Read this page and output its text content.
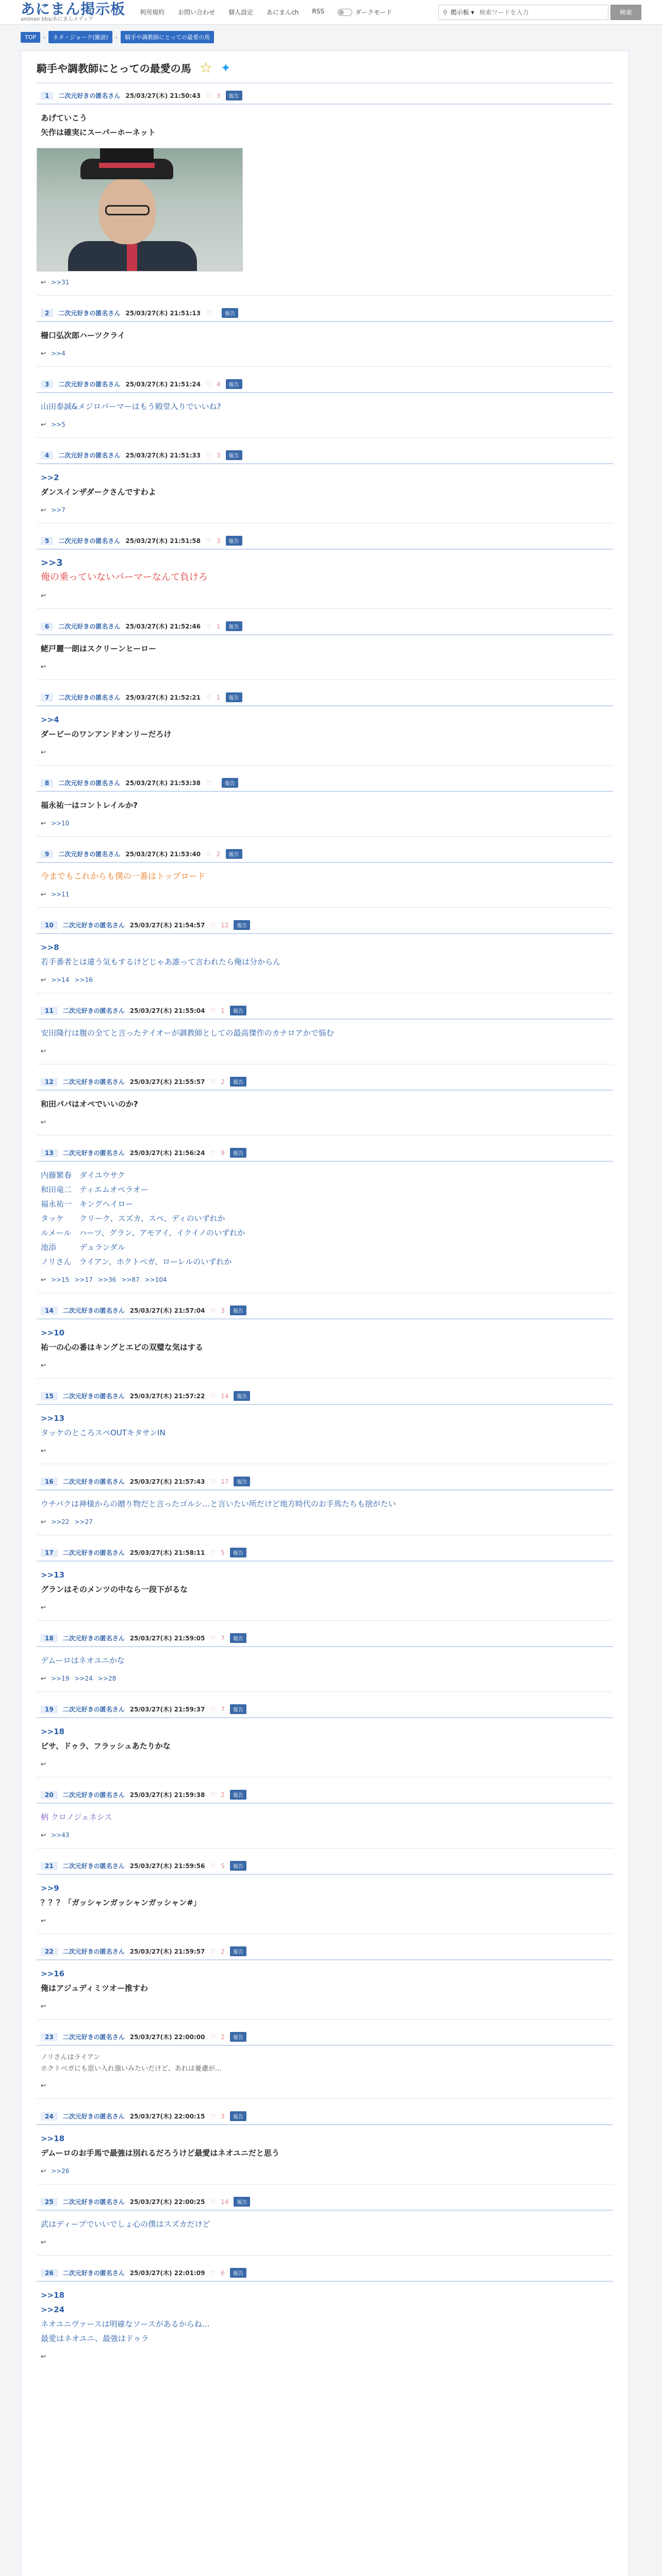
あにまん掲示板
animan bbs/あにまんメディア
利用規約 お問い合わせ 個人設定 あにまんch RSS	ダークモード	⚲ 掲示板 ▾
検索ワードを入力	検索
TOP	›	ネタ・ジョーク(雑談)	›	騎手や調教師にとっての最愛の馬
騎手や調教師にとっての最愛の馬 ☆ ✦
1	二次元好きの匿名さん 25/03/27(木) 21:50:43 ♡ 3	報告
あげていこう
矢作は確実にスーパーホーネット
↩ >>31
2	二次元好きの匿名さん 25/03/27(木) 21:51:13 ♡	報告
柵口弘次郎ハーツクライ
↩ >>4
3	二次元好きの匿名さん 25/03/27(木) 21:51:24 ♡ 4	報告
山田泰誠&メジロパーマーはもう殿堂入りでいいね?
↩ >>5
4	二次元好きの匿名さん 25/03/27(木) 21:51:33 ♡ 3	報告
>>2
ダンスインザダークさんですわよ
↩ >>7
5	二次元好きの匿名さん 25/03/27(木) 21:51:58 ♡ 3	報告
>>3
俺の乗っていないパーマーなんて負けろ
↩
6	二次元好きの匿名さん 25/03/27(木) 21:52:46 ♡ 1	報告
蛯戸麗一朗はスクリーンヒーロー
↩
7	二次元好きの匿名さん 25/03/27(木) 21:52:21 ♡ 1	報告
>>4
ダービーのワンアンドオンリーだろけ
↩
8	二次元好きの匿名さん 25/03/27(木) 21:53:38 ♡	報告
福永祐一はコントレイルか?
↩ >>10
9	二次元好きの匿名さん 25/03/27(木) 21:53:40 ♡ 2	報告
今までもこれからも僕の一番はトップロード
↩ >>11
10	二次元好きの匿名さん 25/03/27(木) 21:54:57 ♡ 12	報告
>>8
若手番者とは違う気もするけどじゃあ誰って言われたら俺は分からん
↩ >>14 >>16
11	二次元好きの匿名さん 25/03/27(木) 21:55:04 ♡ 1	報告
安田隆行は腹の全てと言ったテイオーが調教師としての最高傑作のカナロアかで悩む
↩
12	二次元好きの匿名さん 25/03/27(木) 21:55:57 ♡ 2	報告
和田パパはオペでいいのか?
↩
13	二次元好きの匿名さん 25/03/27(木) 21:56:24 ♡ 9	報告
内藤繁春　ダイユウサク
和田竜二　ティエムオペラオー
福永祐一　キングヘイロー
タッケ　　クリーク、スズカ、スペ、ディのいずれか
ルメール　ハーツ、グラン、アモアイ、イクイノのいずれか
池添　　　デュランダル
ノリさん　ライアン、ホクトベガ、ローレルのいずれか
↩ >>15 >>17 >>36 >>87 >>104
14	二次元好きの匿名さん 25/03/27(木) 21:57:04 ♡ 3	報告
>>10
祐一の心の番はキングとエピの双璧な気はする
↩
15	二次元好きの匿名さん 25/03/27(木) 21:57:22 ♡ 14	報告
>>13
タッケのところスペOUTキタサンIN
↩
16	二次元好きの匿名さん 25/03/27(木) 21:57:43 ♡ 17	報告
ウチパクは神様からの贈り物だと言ったゴルシ…と言いたい所だけど地方時代のお手馬たちも捨がたい
↩ >>22 >>27
17	二次元好きの匿名さん 25/03/27(木) 21:58:11 ♡ 5	報告
>>13
グランはそのメンツの中なら一段下がるな
↩
18	二次元好きの匿名さん 25/03/27(木) 21:59:05 ♡ 7	報告
デムーロはネオユニかな
↩ >>19 >>24 >>28
19	二次元好きの匿名さん 25/03/27(木) 21:59:37 ♡ 7	報告
>>18
ピサ、ドゥラ、フラッシュあたりかな
↩
20	二次元好きの匿名さん 25/03/27(木) 21:59:38 ♡ 2	報告
柄 クロノジェネシス
↩ >>43
21	二次元好きの匿名さん 25/03/27(木) 21:59:56 ♡ 5	報告
>>9
？？？「ガッシャンガッシャンガッシャン#」
↩
22	二次元好きの匿名さん 25/03/27(木) 21:59:57 ♡ 2	報告
>>16
俺はアジュディミツオー推すわ
↩
23	二次元好きの匿名さん 25/03/27(木) 22:00:00 ♡ 2	報告
ノリさんはライアン
ホクトベガにも思い入れ強いみたいだけど、あれは憂慮が…
↩
24	二次元好きの匿名さん 25/03/27(木) 22:00:15 ♡ 3	報告
>>18
デムーロのお手馬で最強は別れるだろうけど最愛はネオユニだと思う
↩ >>26
25	二次元好きの匿名さん 25/03/27(木) 22:00:25 ♡ 14	報告
武はディープでいいでしょ心の僕はスズカだけど
↩
26	二次元好きの匿名さん 25/03/27(木) 22:01:09 ♡ 6	報告
>>18
>>24
ネオユニヴァースは明確なソースがあるからね…
最愛はネオユニ、最強はドゥラ
↩
